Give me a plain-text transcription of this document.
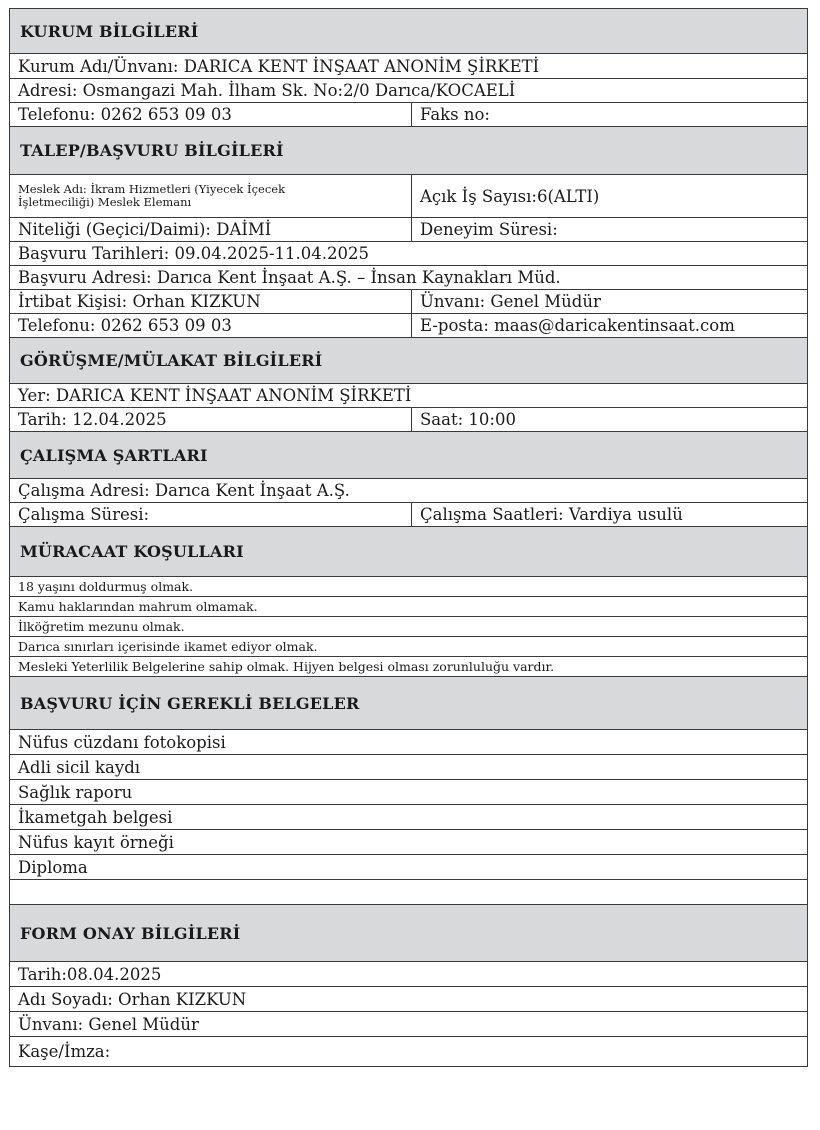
KURUM BİLGİLERİ
Kurum Adı/Ünvanı: DARICA KENT İNŞAAT ANONİM ŞİRKETİ
Adresi: Osmangazi Mah. İlham Sk. No:2/0 Darıca/KOCAELİ
Telefonu: 0262 653 09 03	Faks no:
TALEP/BAŞVURU BİLGİLERİ
Meslek Adı: İkram Hizmetleri (Yiyecek İçecek
İşletmeciliği) Meslek Elemanı	Açık İş Sayısı:6(ALTI)
Niteliği (Geçici/Daimi): DAİMİ	Deneyim Süresi:
Başvuru Tarihleri: 09.04.2025-11.04.2025
Başvuru Adresi: Darıca Kent İnşaat A.Ş. – İnsan Kaynakları Müd.
İrtibat Kişisi: Orhan KIZKUN	Ünvanı: Genel Müdür
Telefonu: 0262 653 09 03	E-posta: maas@daricakentinsaat.com
GÖRÜŞME/MÜLAKAT BİLGİLERİ
Yer: DARICA KENT İNŞAAT ANONİM ŞİRKETİ
Tarih: 12.04.2025	Saat: 10:00
ÇALIŞMA ŞARTLARI
Çalışma Adresi: Darıca Kent İnşaat A.Ş.
Çalışma Süresi:	Çalışma Saatleri: Vardiya usulü
MÜRACAAT KOŞULLARI
18 yaşını doldurmuş olmak.
Kamu haklarından mahrum olmamak.
İlköğretim mezunu olmak.
Darıca sınırları içerisinde ikamet ediyor olmak.
Mesleki Yeterlilik Belgelerine sahip olmak. Hijyen belgesi olması zorunluluğu vardır.
BAŞVURU İÇİN GEREKLİ BELGELER
Nüfus cüzdanı fotokopisi
Adli sicil kaydı
Sağlık raporu
İkametgah belgesi
Nüfus kayıt örneği
Diploma
FORM ONAY BİLGİLERİ
Tarih:08.04.2025
Adı Soyadı: Orhan KIZKUN
Ünvanı: Genel Müdür
Kaşe/İmza:
